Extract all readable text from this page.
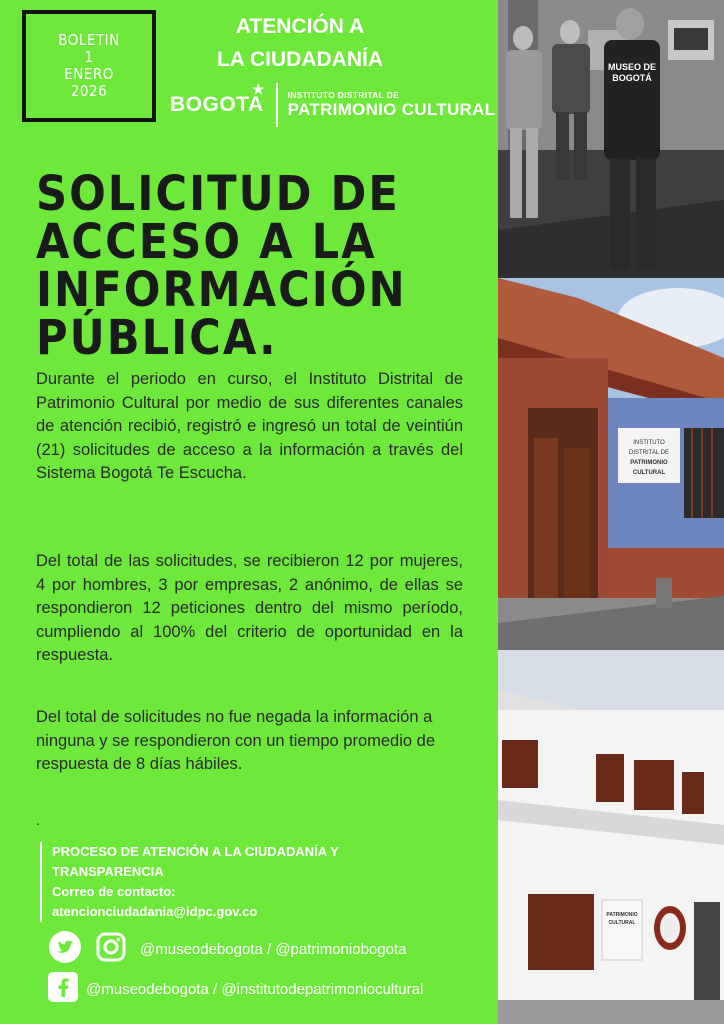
BOLETIN
1
ENERO
2026
ATENCIÓN A
LA CIUDADANÍA
BOGOTA
★	INSTITUTO DISTRITAL DE
PATRIMONIO CULTURAL
SOLICITUD DE
ACCESO A LA
INFORMACIÓN
PÚBLICA.

Durante el periodo en curso, el Instituto Distrital de Patrimonio Cultural por medio de sus diferentes canales de atención recibió, registró e ingresó un total de veintiún (21) solicitudes de acceso a la información a través del Sistema Bogotá Te Escucha.

Del total de las solicitudes, se recibieron 12 por mujeres, 4 por hombres, 3 por empresas, 2 anónimo, de ellas se respondieron 12 peticiones dentro del mismo período, cumpliendo al 100% del criterio de oportunidad en la respuesta.

Del total de solicitudes no fue negada la información a ninguna y se respondieron con un tiempo promedio de respuesta de 8 días hábiles.

.
PROCESO DE ATENCIÓN A LA CIUDADANÍA Y TRANSPARENCIA
Correo de contacto:
atencionciudadania@idpc.gov.co
@museodebogota / @patrimoniobogota
@museodebogota / @institutodepatrimoniocultural
MUSEO DE
BOGOTÁ
INSTITUTO
DISTRITAL DE
PATRIMONIO
CULTURAL
PATRIMONIO
CULTURAL
